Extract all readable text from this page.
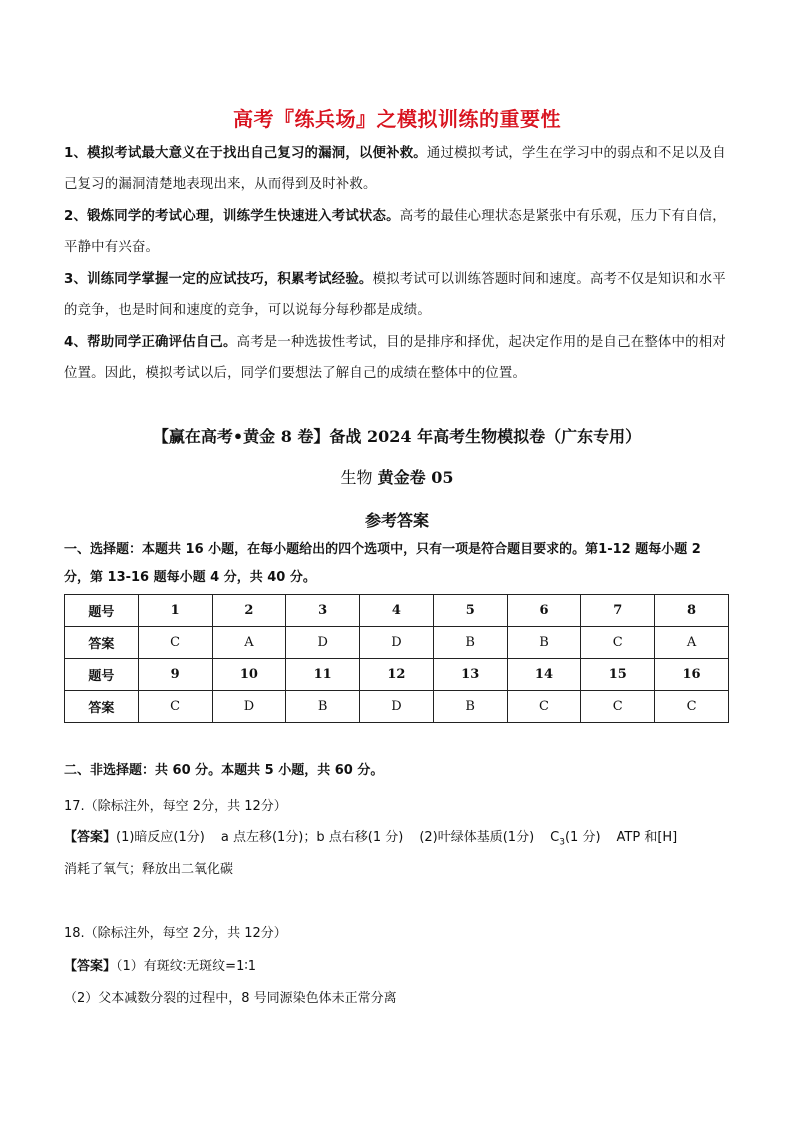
高考『练兵场』之模拟训练的重要性
1、模拟考试最大意义在于找出自己复习的漏洞，以便补救。通过模拟考试，学生在学习中的弱点和不足以及自己复习的漏洞清楚地表现出来，从而得到及时补救。
2、锻炼同学的考试心理，训练学生快速进入考试状态。高考的最佳心理状态是紧张中有乐观，压力下有自信，平静中有兴奋。
3、训练同学掌握一定的应试技巧，积累考试经验。模拟考试可以训练答题时间和速度。高考不仅是知识和水平的竞争，也是时间和速度的竞争，可以说每分每秒都是成绩。
4、帮助同学正确评估自己。高考是一种选拔性考试，目的是排序和择优，起决定作用的是自己在整体中的相对位置。因此，模拟考试以后，同学们要想法了解自己的成绩在整体中的位置。
【赢在高考•黄金 8 卷】备战 2024 年高考生物模拟卷（广东专用）
生物 黄金卷 05
参考答案
一、选择题：本题共 16 小题，在每小题给出的四个选项中，只有一项是符合题目要求的。第1-12 题每小题 2 分，第 13-16 题每小题 4 分，共 40 分。
题号	1	2	3	4	5	6	7	8
答案	C	A	D	D	B	B	C	A
题号	9	10	11	12	13	14	15	16
答案	C	D	B	D	B	C	C	C
二、非选择题：共 60 分。本题共 5 小题，共 60 分。
17.（除标注外，每空 2分，共 12分）
【答案】(1)暗反应(1分) a 点左移(1分)；b 点右移(1 分) (2)叶绿体基质(1分) $C_3(1$ 分) ATP 和[H]
消耗了氧气；释放出二氧化碳
18.（除标注外，每空 2分，共 12分）
【答案】（1）有斑纹∶无斑纹=1∶1
（2）父本减数分裂的过程中，8 号同源染色体未正常分离
